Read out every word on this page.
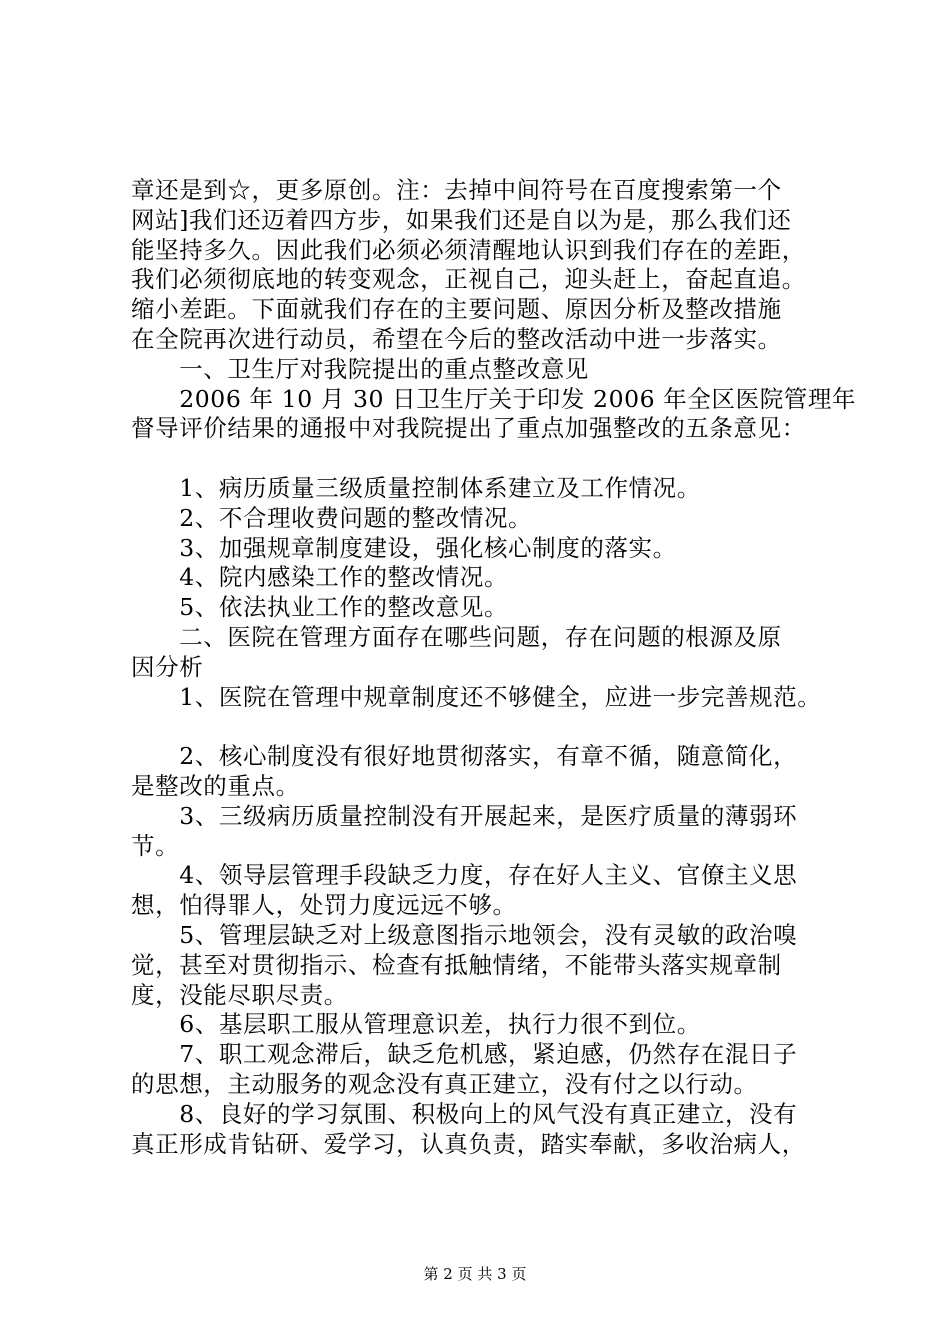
章还是到☆，更多原创。注：去掉中间符号在百度搜索第一个
网站]我们还迈着四方步，如果我们还是自以为是，那么我们还
能坚持多久。因此我们必须必须清醒地认识到我们存在的差距，
我们必须彻底地的转变观念，正视自己，迎头赶上，奋起直追。
缩小差距。下面就我们存在的主要问题、原因分析及整改措施
在全院再次进行动员，希望在今后的整改活动中进一步落实。
　　一、卫生厅对我院提出的重点整改意见
　　2006 年 10 月 30 日卫生厅关于印发 2006 年全区医院管理年
督导评价结果的通报中对我院提出了重点加强整改的五条意见：
　　1、病历质量三级质量控制体系建立及工作情况。
　　2、不合理收费问题的整改情况。
　　3、加强规章制度建设，强化核心制度的落实。
　　4、院内感染工作的整改情况。
　　5、依法执业工作的整改意见。
　　二、医院在管理方面存在哪些问题，存在问题的根源及原
因分析
　　1、医院在管理中规章制度还不够健全，应进一步完善规范。
　　2、核心制度没有很好地贯彻落实，有章不循，随意简化，
是整改的重点。
　　3、三级病历质量控制没有开展起来，是医疗质量的薄弱环
节。
　　4、领导层管理手段缺乏力度，存在好人主义、官僚主义思
想，怕得罪人，处罚力度远远不够。
　　5、管理层缺乏对上级意图指示地领会，没有灵敏的政治嗅
觉，甚至对贯彻指示、检查有抵触情绪，不能带头落实规章制
度，没能尽职尽责。
　　6、基层职工服从管理意识差，执行力很不到位。
　　7、职工观念滞后，缺乏危机感，紧迫感，仍然存在混日子
的思想，主动服务的观念没有真正建立，没有付之以行动。
　　8、良好的学习氛围、积极向上的风气没有真正建立，没有
真正形成肯钻研、爱学习，认真负责，踏实奉献，多收治病人，
第 2 页 共 3 页
